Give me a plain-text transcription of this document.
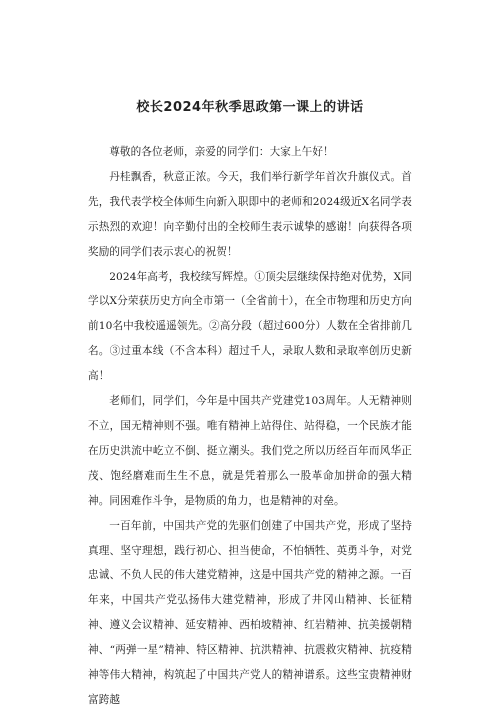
校长2024年秋季思政第一课上的讲话

尊敬的各位老师，亲爱的同学们：大家上午好！

丹桂飘香，秋意正浓。今天，我们举行新学年首次升旗仪式。首先，我代表学校全体师生向新入职即中的老师和2024级近X名同学表示热烈的欢迎！向辛勤付出的全校师生表示诚挚的感谢！向获得各项奖励的同学们表示衷心的祝贺！

2024年高考，我校续写辉煌。①顶尖层继续保持绝对优势，X同学以X分荣获历史方向全市第一（全省前十），在全市物理和历史方向前10名中我校遥遥领先。②高分段（超过600分）人数在全省排前几名。③过重本线（不含本科）超过千人，录取人数和录取率创历史新高！

老师们，同学们，今年是中国共产党建党103周年。人无精神则不立，国无精神则不强。唯有精神上站得住、站得稳，一个民族才能在历史洪流中屹立不倒、挺立潮头。我们党之所以历经百年而风华正茂、饱经磨难而生生不息，就是凭着那么一股革命加拼命的强大精神。同困难作斗争，是物质的角力，也是精神的对垒。

一百年前，中国共产党的先驱们创建了中国共产党，形成了坚持真理、坚守理想，践行初心、担当使命，不怕牺牲、英勇斗争，对党忠诚、不负人民的伟大建党精神，这是中国共产党的精神之源。一百年来，中国共产党弘扬伟大建党精神，形成了井冈山精神、长征精神、遵义会议精神、延安精神、西柏坡精神、红岩精神、抗美援朝精神、“两弹一星”精神、特区精神、抗洪精神、抗震救灾精神、抗疫精神等伟大精神，构筑起了中国共产党人的精神谱系。这些宝贵精神财富跨越
